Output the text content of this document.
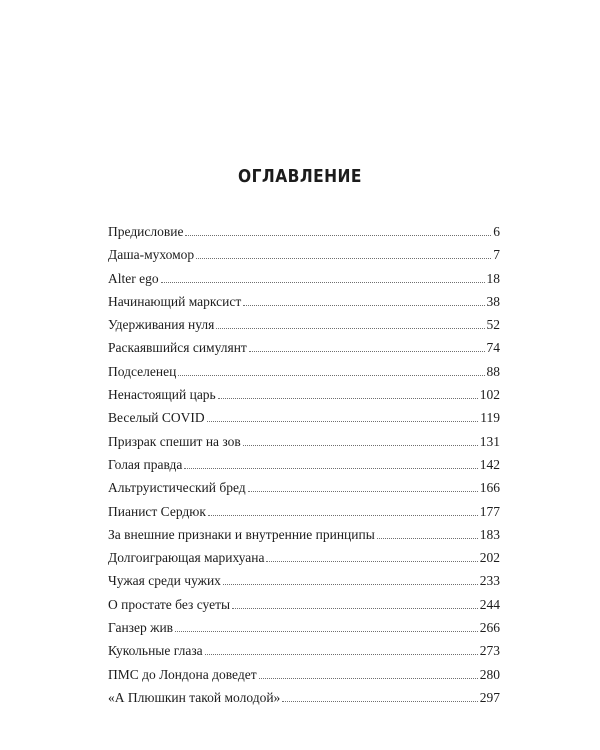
ОГЛАВЛЕНИЕ
Предисловие	6
Даша-мухомор	7
Alter ego	18
Начинающий марксист	38
Удерживания нуля	52
Раскаявшийся симулянт	74
Подселенец	88
Ненастоящий царь	102
Веселый COVID	119
Призрак спешит на зов	131
Голая правда	142
Альтруистический бред	166
Пианист Сердюк	177
За внешние признаки и внутренние принципы	183
Долгоиграющая марихуана	202
Чужая среди чужих	233
О простате без суеты	244
Ганзер жив	266
Кукольные глаза	273
ПМС до Лондона доведет	280
«А Плюшкин такой молодой»	297
